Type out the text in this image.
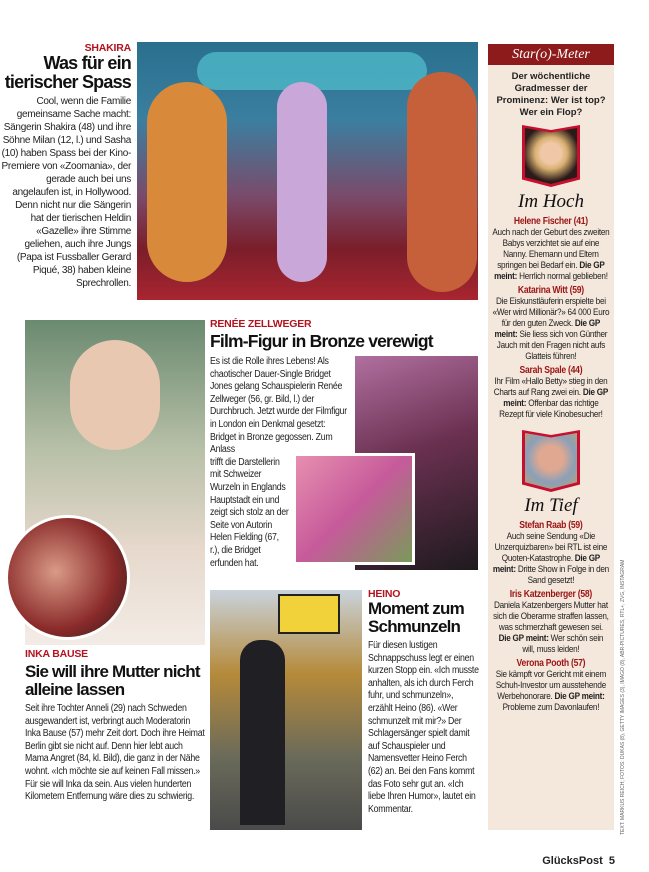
SHAKIRA
Was für ein tierischer Spass
Cool, wenn die Familie gemeinsame Sache macht: Sängerin Shakira (48) und ihre Söhne Milan (12, l.) und Sasha (10) haben Spass bei der Kino-Premiere von «Zoomania», der gerade auch bei uns angelaufen ist, in Hollywood. Denn nicht nur die Sängerin hat der tierischen Heldin «Gazelle» ihre Stimme geliehen, auch ihre Jungs (Papa ist Fussballer Gerard Piqué, 38) haben kleine Sprechrollen.
RENÉE ZELLWEGER
Film-Figur in Bronze verewigt
Es ist die Rolle ihres Lebens! Als chaotischer Dauer-Single Bridget Jones gelang Schauspielerin Renée Zellweger (56, gr. Bild, l.) der Durchbruch. Jetzt wurde der Filmfigur in London ein Denkmal gesetzt: Bridget in Bronze gegossen. Zum Anlass
trifft die Darstellerin mit Schweizer Wurzeln in Englands Hauptstadt ein und zeigt sich stolz an der Seite von Autorin Helen Fielding (67, r.), die Bridget erfunden hat.
HEINO
Moment zum Schmunzeln
Für diesen lustigen Schnappschuss legt er einen kurzen Stopp ein. «Ich musste anhalten, als ich durch Ferch fuhr, und schmunzeln», erzählt Heino (86). «Wer schmunzelt mit mir?» Der Schlagersänger spielt damit auf Schauspieler und Namensvetter Heino Ferch (62) an. Bei den Fans kommt das Foto sehr gut an. «Ich liebe Ihren Humor», lautet ein Kommentar.
INKA BAUSE
Sie will ihre Mutter nicht alleine lassen
Seit ihre Tochter Anneli (29) nach Schweden ausgewandert ist, verbringt auch Moderatorin Inka Bause (57) mehr Zeit dort. Doch ihre Heimat Berlin gibt sie nicht auf. Denn hier lebt auch Mama Angret (84, kl. Bild), die ganz in der Nähe wohnt. «Ich möchte sie auf keinen Fall missen.» Für sie will Inka da sein. Aus vielen hunderten Kilometern Entfernung wäre dies zu schwierig.
Star(o)-Meter
Der wöchentliche Gradmesser der Prominenz: Wer ist top? Wer ein Flop?
Im Hoch
Helene Fischer (41)
Auch nach der Geburt des zweiten Babys verzichtet sie auf eine Nanny. Ehemann und Eltern springen bei Bedarf ein. Die GP meint: Herrlich normal geblieben!
Katarina Witt (59)
Die Eiskunstläuferin erspielte bei «Wer wird Millionär?» 64 000 Euro für den guten Zweck. Die GP meint: Sie liess sich von Günther Jauch mit den Fragen nicht aufs Glatteis führen!
Sarah Spale (44)
Ihr Film «Hallo Betty» stieg in den Charts auf Rang zwei ein. Die GP meint: Offenbar das richtige Rezept für viele Kinobesucher!
Im Tief
Stefan Raab (59)
Auch seine Sendung «Die Unzerquizbaren» bei RTL ist eine Quoten-Katastrophe. Die GP meint: Dritte Show in Folge in den Sand gesetzt!
Iris Katzenberger (58)
Daniela Katzenbergers Mutter hat sich die Oberarme straffen lassen, was schmerzhaft gewesen sei. Die GP meint: Wer schön sein will, muss leiden!
Verona Pooth (57)
Sie kämpft vor Gericht mit einem Schuh-Investor um ausstehende Werbehonorare. Die GP meint: Probleme zum Davonlaufen!	TEXT: MARKUS REICH; FOTOS: DUKAS (8), GETTY IMAGES (3), IMAGO (8), ABR-PICTURES, RTL+, ZVG, INSTAGRAM
GlücksPost 5
